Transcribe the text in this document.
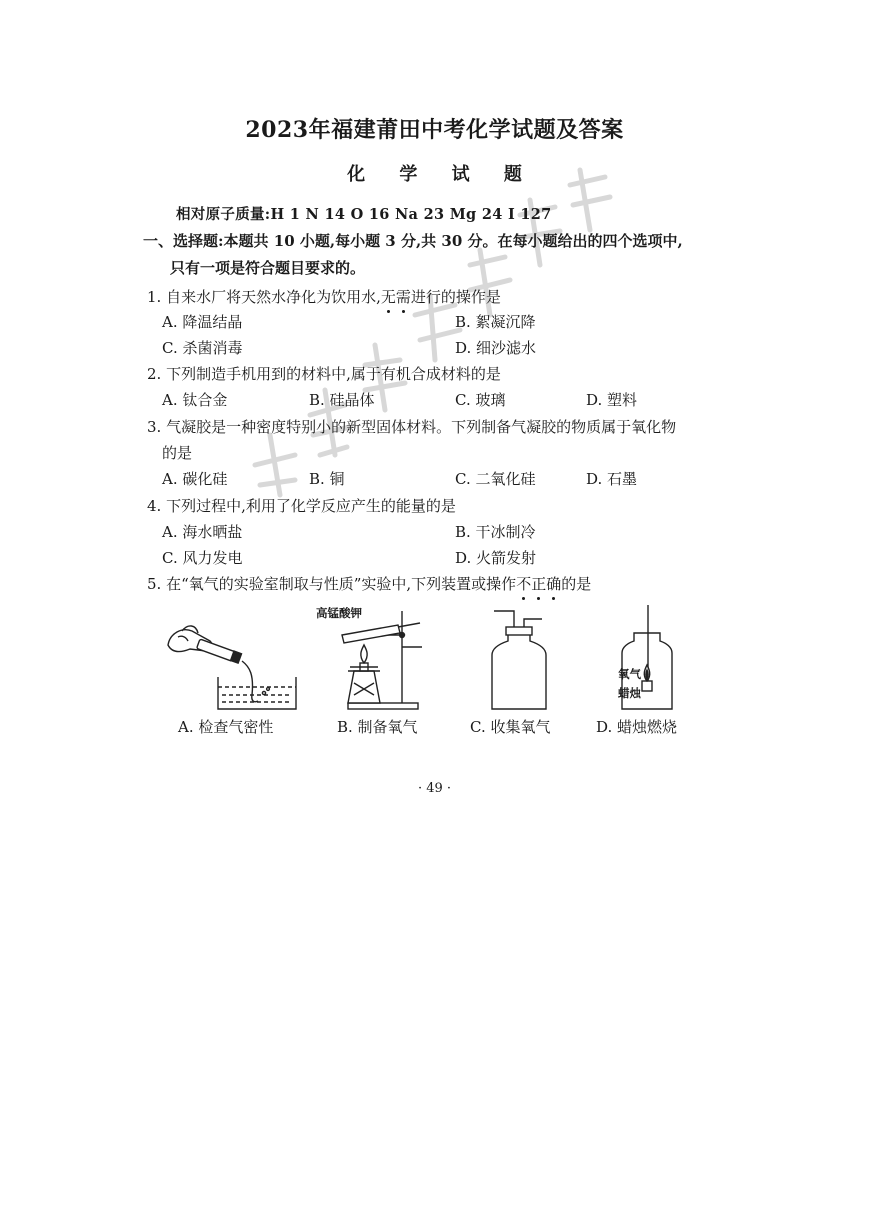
2023年福建莆田中考化学试题及答案
化 学 试 题
相对原子质量:H 1 N 14 O 16 Na 23 Mg 24 I 127
一、选择题:本题共 10 小题,每小题 3 分,共 30 分。在每小题给出的四个选项中,
只有一项是符合题目要求的。
1. 自来水厂将天然水净化为饮用水,无需进行的操作是
A. 降温结晶	B. 絮凝沉降
C. 杀菌消毒	D. 细沙滤水
2. 下列制造手机用到的材料中,属于有机合成材料的是
A. 钛合金	B. 硅晶体	C. 玻璃	D. 塑料
3. 气凝胶是一种密度特别小的新型固体材料。下列制备气凝胶的物质属于氧化物
的是
A. 碳化硅	B. 铜	C. 二氧化硅	D. 石墨
4. 下列过程中,利用了化学反应产生的能量的是
A. 海水晒盐	B. 干冰制冷
C. 风力发电	D. 火箭发射
5. 在“氧气的实验室制取与性质”实验中,下列装置或操作不正确的是
高锰酸钾
氧气
蜡烛
A. 检查气密性	B. 制备氧气	C. 收集氧气	D. 蜡烛燃烧
· 49 ·
